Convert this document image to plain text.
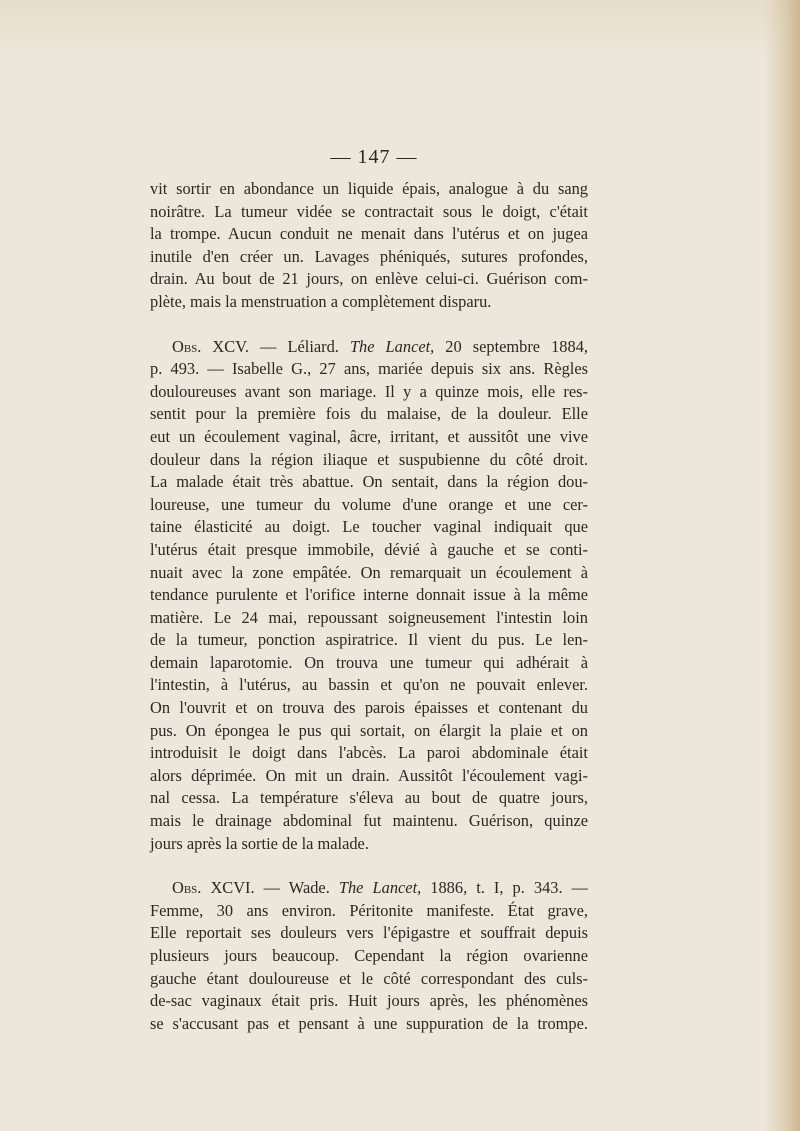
— 147 —
vit sortir en abondance un liquide épais, analogue à du sang
noirâtre. La tumeur vidée se contractait sous le doigt, c'était
la trompe. Aucun conduit ne menait dans l'utérus et on jugea
inutile d'en créer un. Lavages phéniqués, sutures profondes,
drain. Au bout de 21 jours, on enlève celui-ci. Guérison com-
plète, mais la menstruation a complètement disparu.
Obs. XCV. — Léliard. The Lancet, 20 septembre 1884,
p. 493. — Isabelle G., 27 ans, mariée depuis six ans. Règles
douloureuses avant son mariage. Il y a quinze mois, elle res-
sentit pour la première fois du malaise, de la douleur. Elle
eut un écoulement vaginal, âcre, irritant, et aussitôt une vive
douleur dans la région iliaque et suspubienne du côté droit.
La malade était très abattue. On sentait, dans la région dou-
loureuse, une tumeur du volume d'une orange et une cer-
taine élasticité au doigt. Le toucher vaginal indiquait que
l'utérus était presque immobile, dévié à gauche et se conti-
nuait avec la zone empâtée. On remarquait un écoulement à
tendance purulente et l'orifice interne donnait issue à la même
matière. Le 24 mai, repoussant soigneusement l'intestin loin
de la tumeur, ponction aspiratrice. Il vient du pus. Le len-
demain laparotomie. On trouva une tumeur qui adhérait à
l'intestin, à l'utérus, au bassin et qu'on ne pouvait enlever.
On l'ouvrit et on trouva des parois épaisses et contenant du
pus. On épongea le pus qui sortait, on élargit la plaie et on
introduisit le doigt dans l'abcès. La paroi abdominale était
alors déprimée. On mit un drain. Aussitôt l'écoulement vagi-
nal cessa. La température s'éleva au bout de quatre jours,
mais le drainage abdominal fut maintenu. Guérison, quinze
jours après la sortie de la malade.
Obs. XCVI. — Wade. The Lancet, 1886, t. I, p. 343. —
Femme, 30 ans environ. Péritonite manifeste. État grave,
Elle reportait ses douleurs vers l'épigastre et souffrait depuis
plusieurs jours beaucoup. Cependant la région ovarienne
gauche étant douloureuse et le côté correspondant des culs-
de-sac vaginaux était pris. Huit jours après, les phénomènes
se s'accusant pas et pensant à une suppuration de la trompe.
